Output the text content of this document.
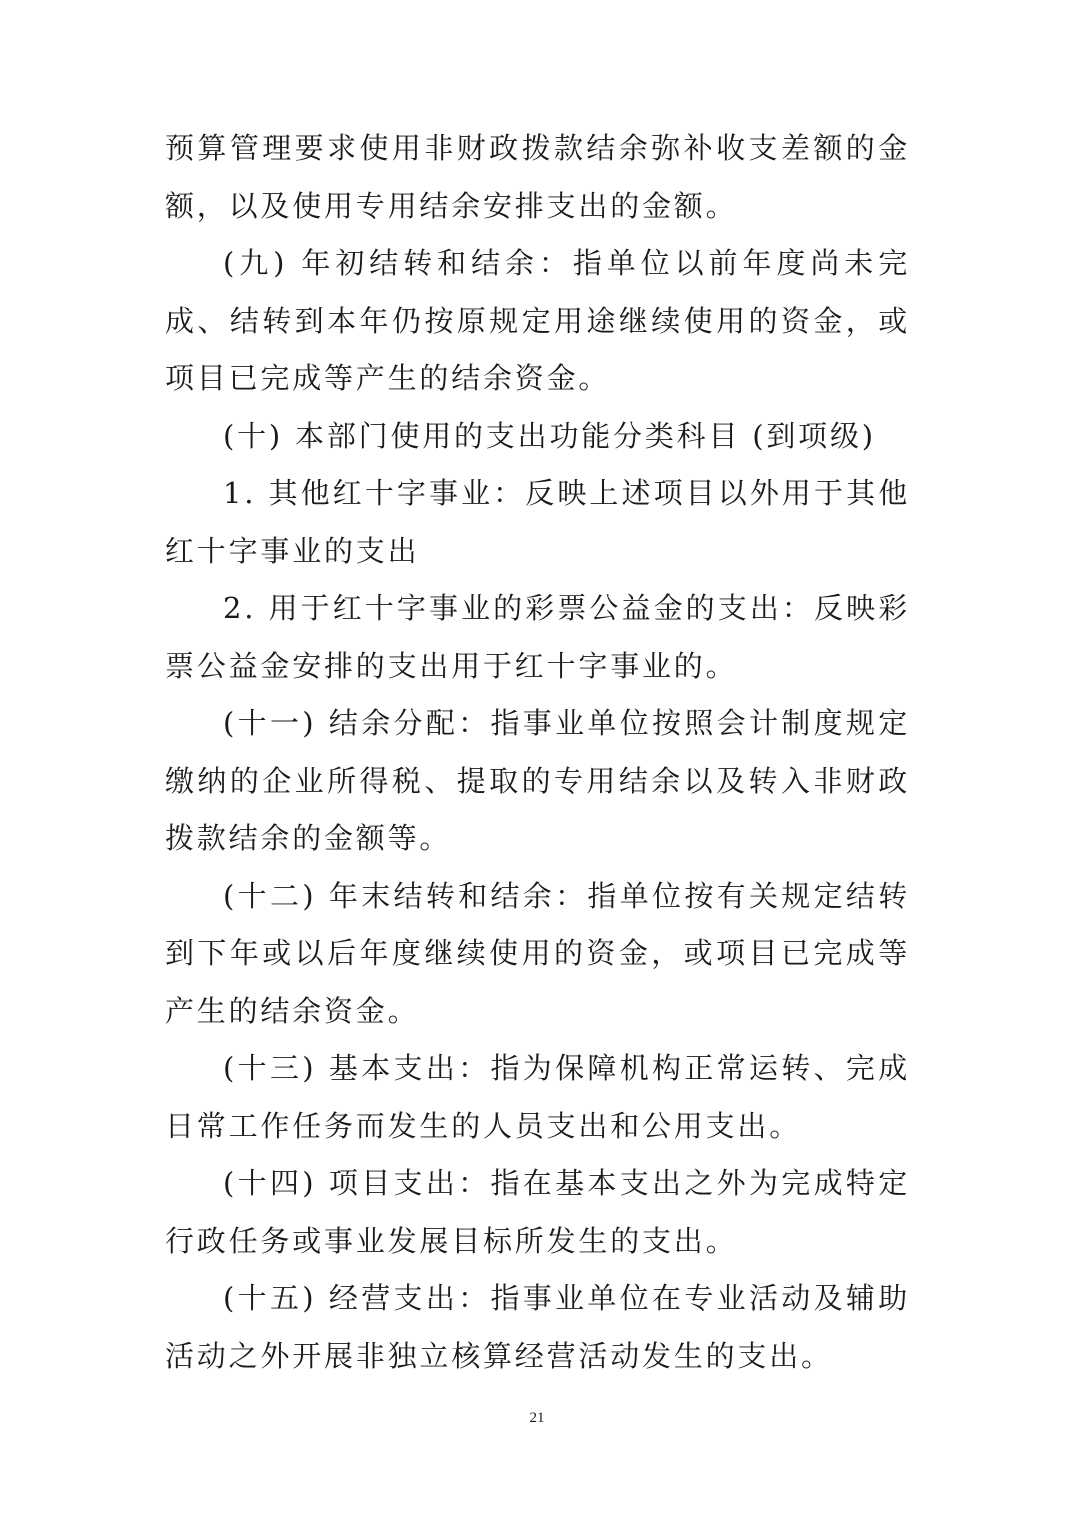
预算管理要求使用非财政拨款结余弥补收支差额的金额，以及使用专用结余安排支出的金额。

(九) 年初结转和结余：指单位以前年度尚未完成、结转到本年仍按原规定用途继续使用的资金，或项目已完成等产生的结余资金。

(十) 本部门使用的支出功能分类科目 (到项级)

1. 其他红十字事业：反映上述项目以外用于其他红十字事业的支出

2. 用于红十字事业的彩票公益金的支出：反映彩票公益金安排的支出用于红十字事业的。

(十一) 结余分配：指事业单位按照会计制度规定缴纳的企业所得税、提取的专用结余以及转入非财政拨款结余的金额等。

(十二) 年末结转和结余：指单位按有关规定结转到下年或以后年度继续使用的资金，或项目已完成等产生的结余资金。

(十三) 基本支出：指为保障机构正常运转、完成日常工作任务而发生的人员支出和公用支出。

(十四) 项目支出：指在基本支出之外为完成特定行政任务或事业发展目标所发生的支出。

(十五) 经营支出：指事业单位在专业活动及辅助活动之外开展非独立核算经营活动发生的支出。

21
